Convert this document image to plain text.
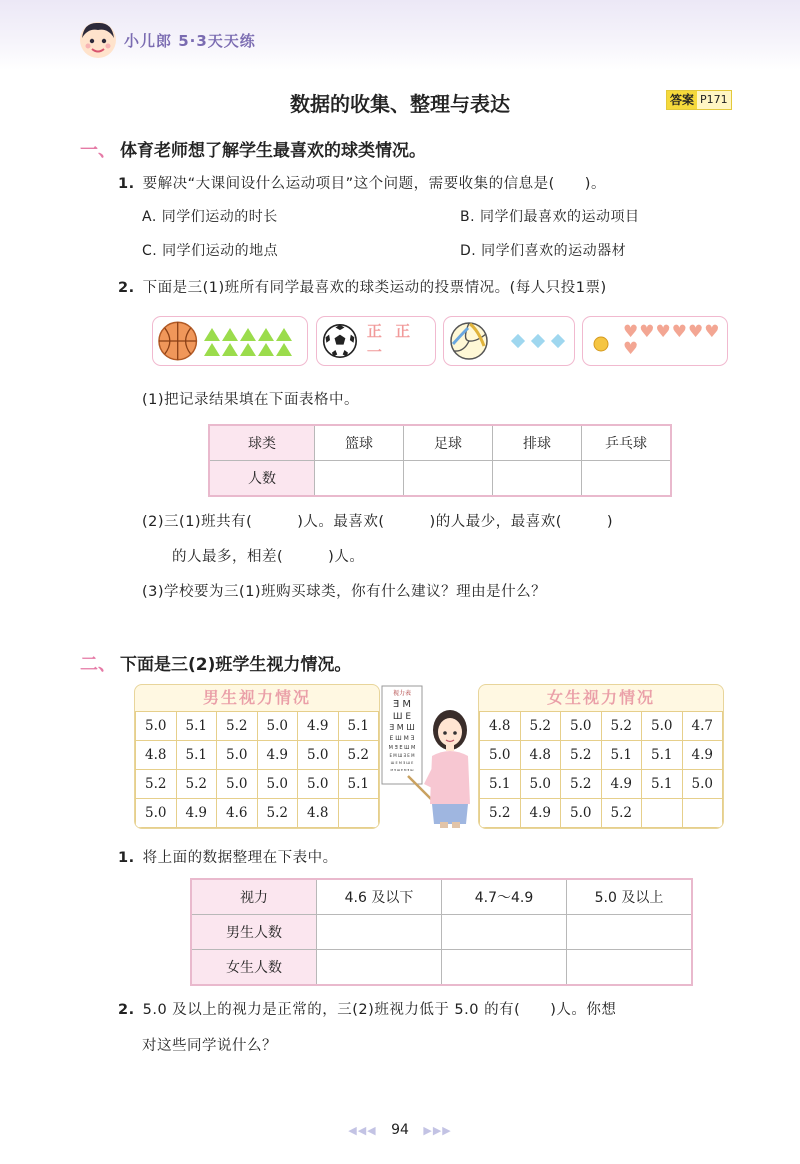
小儿郎 5·3天天练
数据的收集、整理与表达	答案 P171
一、 体育老师想了解学生最喜欢的球类情况。
1. 要解决“大课间设什么运动项目”这个问题，需要收集的信息是(　　)。
A. 同学们运动的时长	B. 同学们最喜欢的运动项目
C. 同学们运动的地点	D. 同学们喜欢的运动器材
2. 下面是三(1)班所有同学最喜欢的球类运动的投票情况。(每人只投1票)
正 正 一
♥ ♥ ♥ ♥ ♥ ♥
♥
(1)把记录结果填在下面表格中。
球类	篮球	足球	排球	乒乓球
人数				
(2)三(1)班共有(　　　)人。最喜欢(　　　)的人最少，最喜欢(　　　)
的人最多，相差(　　　)人。
(3)学校要为三(1)班购买球类，你有什么建议？理由是什么？
二、 下面是三(2)班学生视力情况。
男生视力情况
5.0	5.1	5.2	5.0	4.9	5.1
4.8	5.1	5.0	4.9	5.0	5.2
5.2	5.2	5.0	5.0	5.0	5.1
5.0	4.9	4.6	5.2	4.8	
Ǝ M
Ш E
Ǝ M Ш
E Ш M Ǝ
M Ǝ E Ш M
E M Ш Ǝ E M
Ш E M Ǝ Ш E
M Ǝ Ш E M Ǝ Ш
视力表	女生视力情况
4.8	5.2	5.0	5.2	5.0	4.7
5.0	4.8	5.2	5.1	5.1	4.9
5.1	5.0	5.2	4.9	5.1	5.0
5.2	4.9	5.0	5.2		
1. 将上面的数据整理在下表中。
视力	4.6 及以下	4.7～4.9	5.0 及以上
男生人数			
女生人数			
2. 5.0 及以上的视力是正常的，三(2)班视力低于 5.0 的有(　　)人。你想
对这些同学说什么？
◀◀◀ 94 ▶▶▶
